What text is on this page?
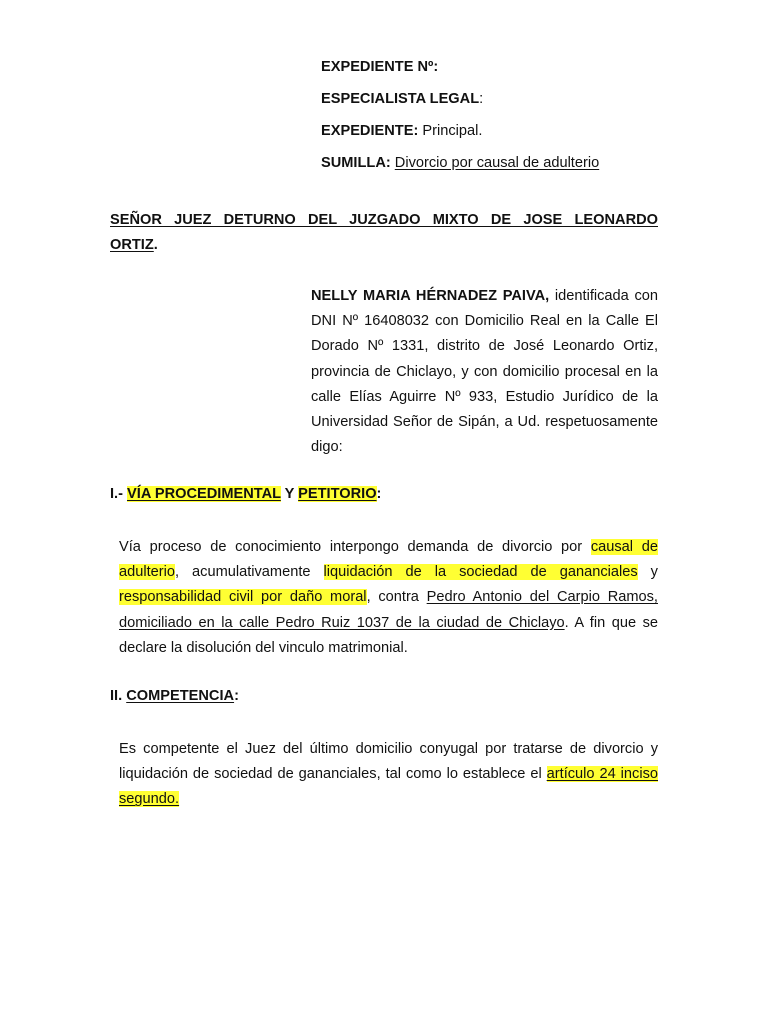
EXPEDIENTE Nº:
ESPECIALISTA LEGAL:
EXPEDIENTE: Principal.
SUMILLA: Divorcio por causal de adulterio
SEÑOR JUEZ DETURNO DEL JUZGADO MIXTO DE JOSE LEONARDO
ORTIZ.
NELLY MARIA HÉRNADEZ PAIVA, identificada con DNI Nº 16408032 con Domicilio Real en la Calle El Dorado Nº 1331, distrito de José Leonardo Ortiz, provincia de Chiclayo, y con domicilio procesal en la calle Elías Aguirre Nº 933, Estudio Jurídico de la Universidad Señor de Sipán, a Ud. respetuosamente digo:
I.- VÍA PROCEDIMENTAL Y PETITORIO:
Vía proceso de conocimiento interpongo demanda de divorcio por causal de adulterio, acumulativamente liquidación de la sociedad de gananciales y responsabilidad civil por daño moral, contra Pedro Antonio del Carpio Ramos, domiciliado en la calle Pedro Ruiz 1037 de la ciudad de Chiclayo. A fin que se declare la disolución del vinculo matrimonial.
II. COMPETENCIA:
Es competente el Juez del último domicilio conyugal por tratarse de divorcio y liquidación de sociedad de gananciales, tal como lo establece el artículo 24 inciso segundo.
